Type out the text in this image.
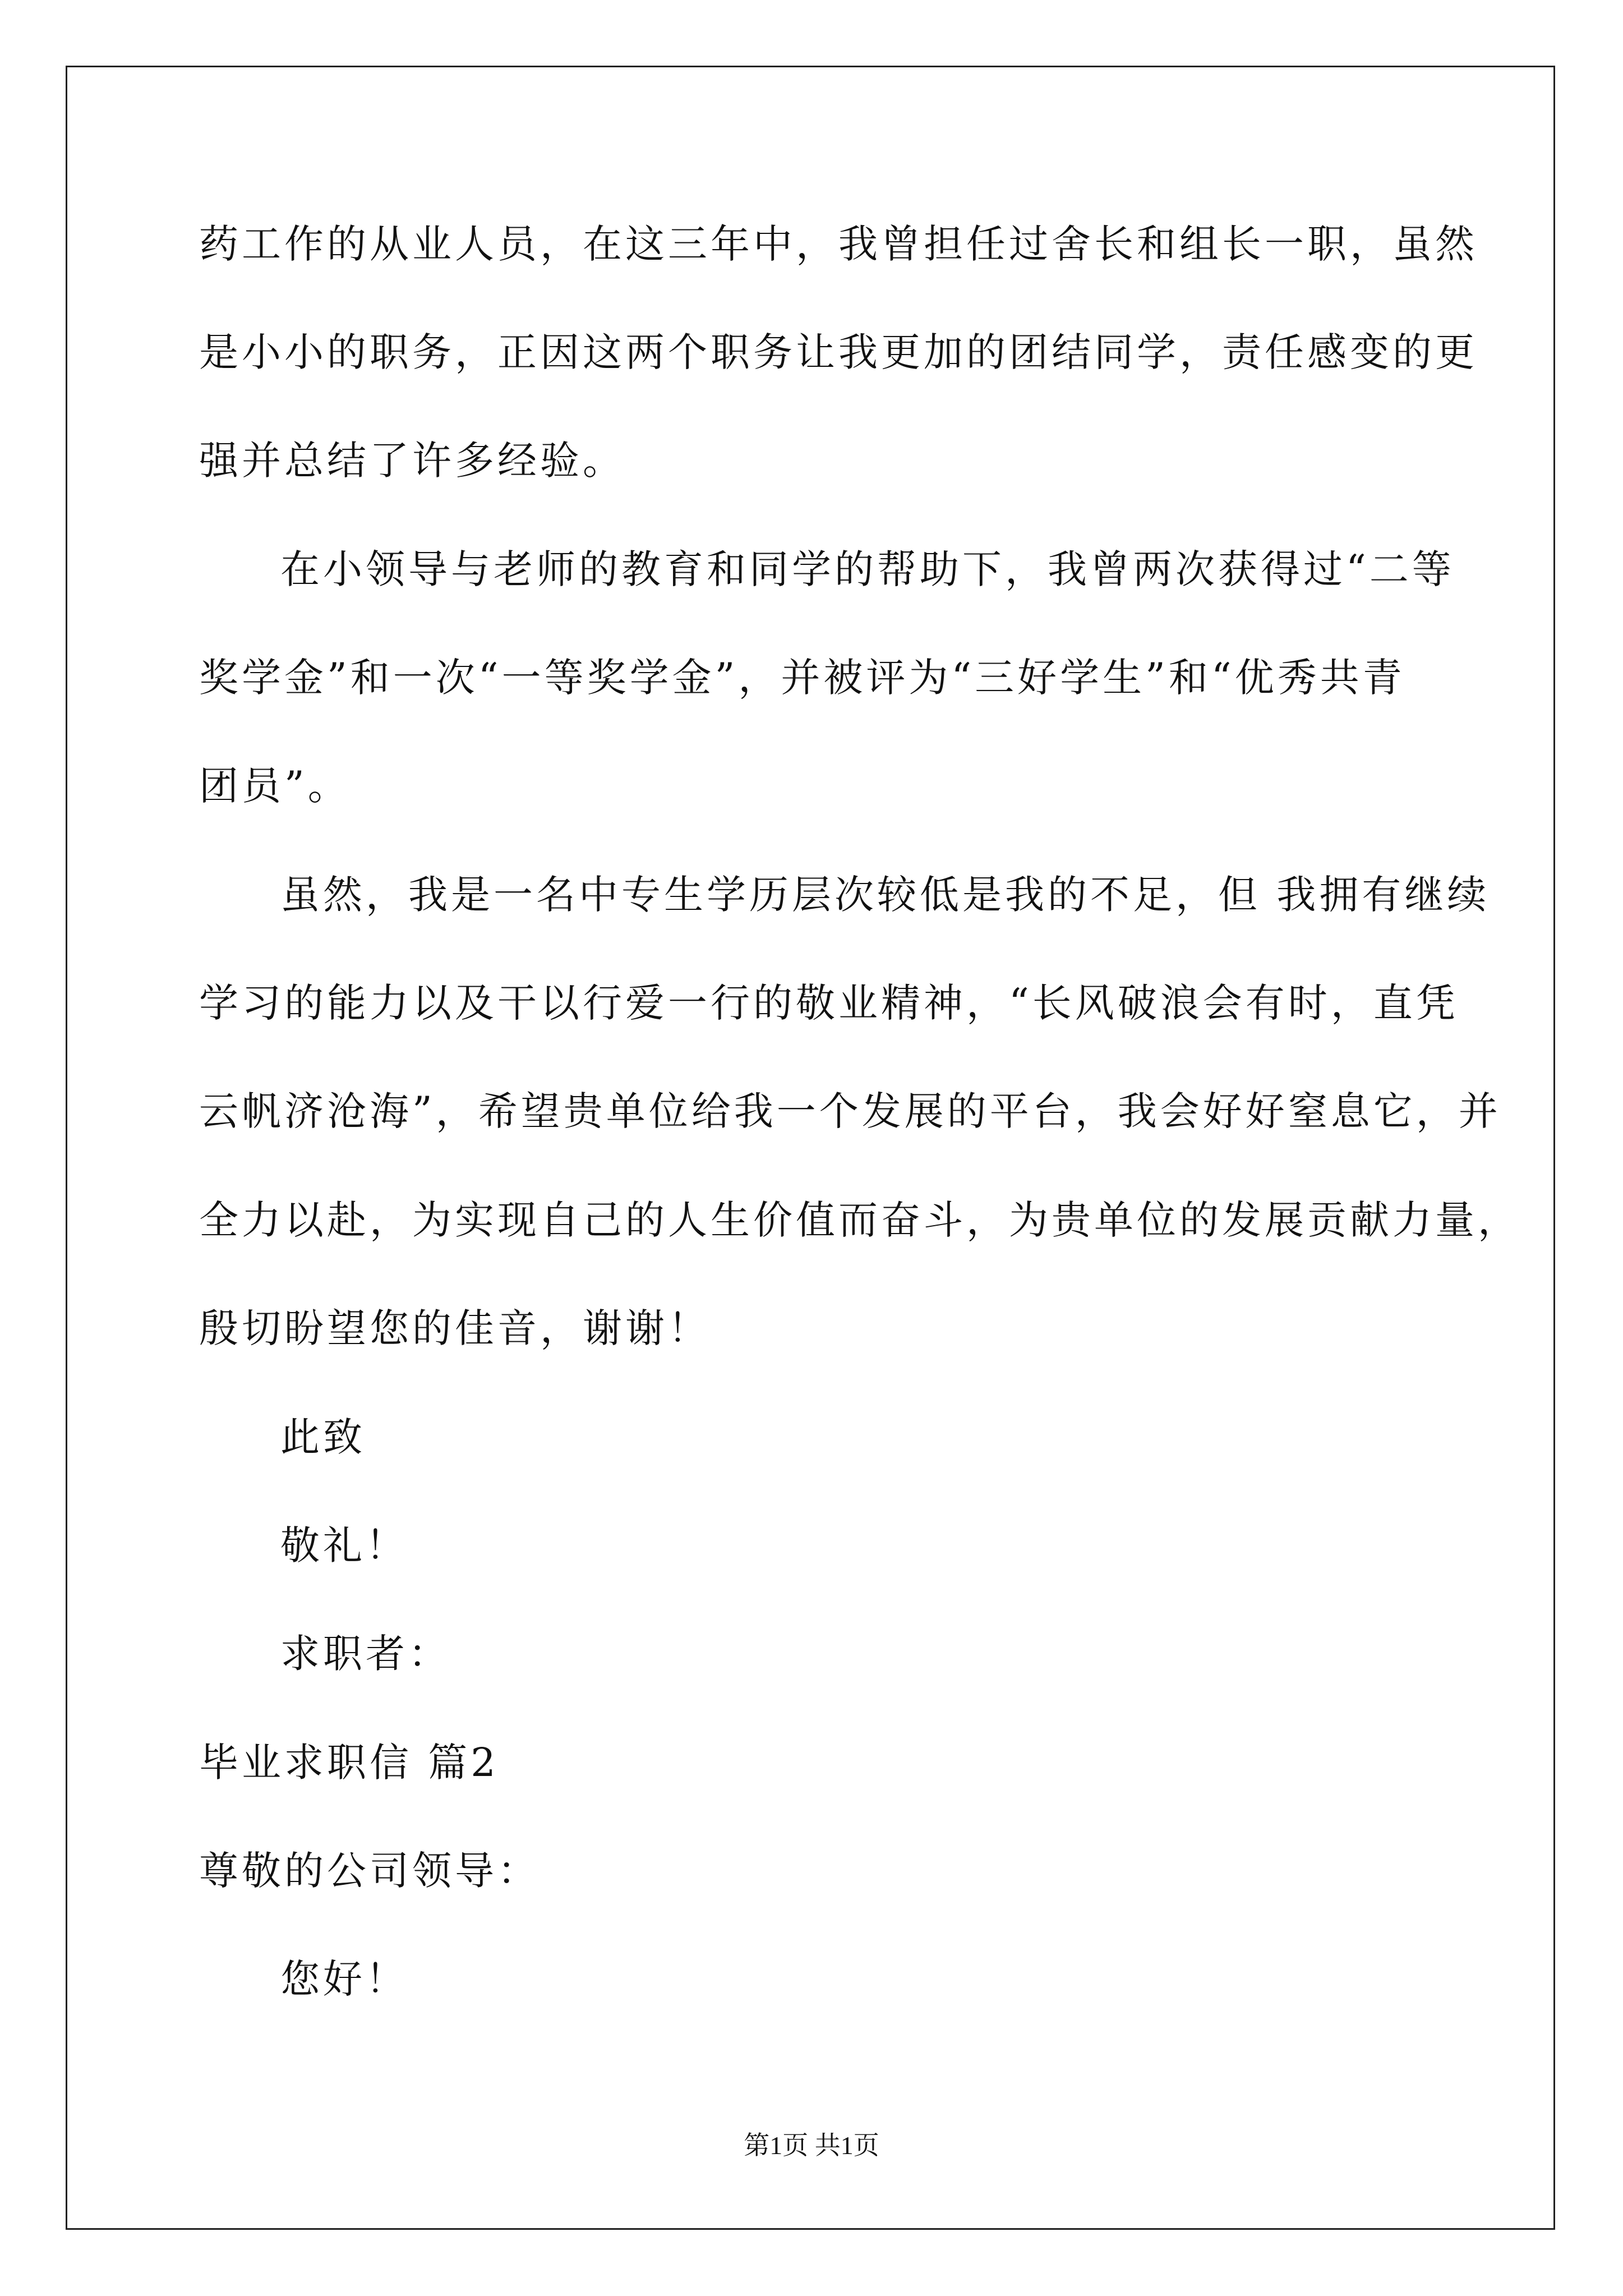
药工作的从业人员，在这三年中，我曾担任过舍长和组长一职，虽然
是小小的职务，正因这两个职务让我更加的团结同学，责任感变的更
强并总结了许多经验。
在小领导与老师的教育和同学的帮助下，我曾两次获得过“二等
奖学金”和一次“一等奖学金”，并被评为“三好学生”和“优秀共青
团员”。
虽然，我是一名中专生学历层次较低是我的不足，但 我拥有继续
学习的能力以及干以行爱一行的敬业精神，“长风破浪会有时，直凭
云帆济沧海”，希望贵单位给我一个发展的平台，我会好好窒息它，并
全力以赴，为实现自己的人生价值而奋斗，为贵单位的发展贡献力量，
殷切盼望您的佳音，谢谢！
此致
敬礼！
求职者：
毕业求职信 篇2
尊敬的公司领导：
您好！
第1页 共1页
